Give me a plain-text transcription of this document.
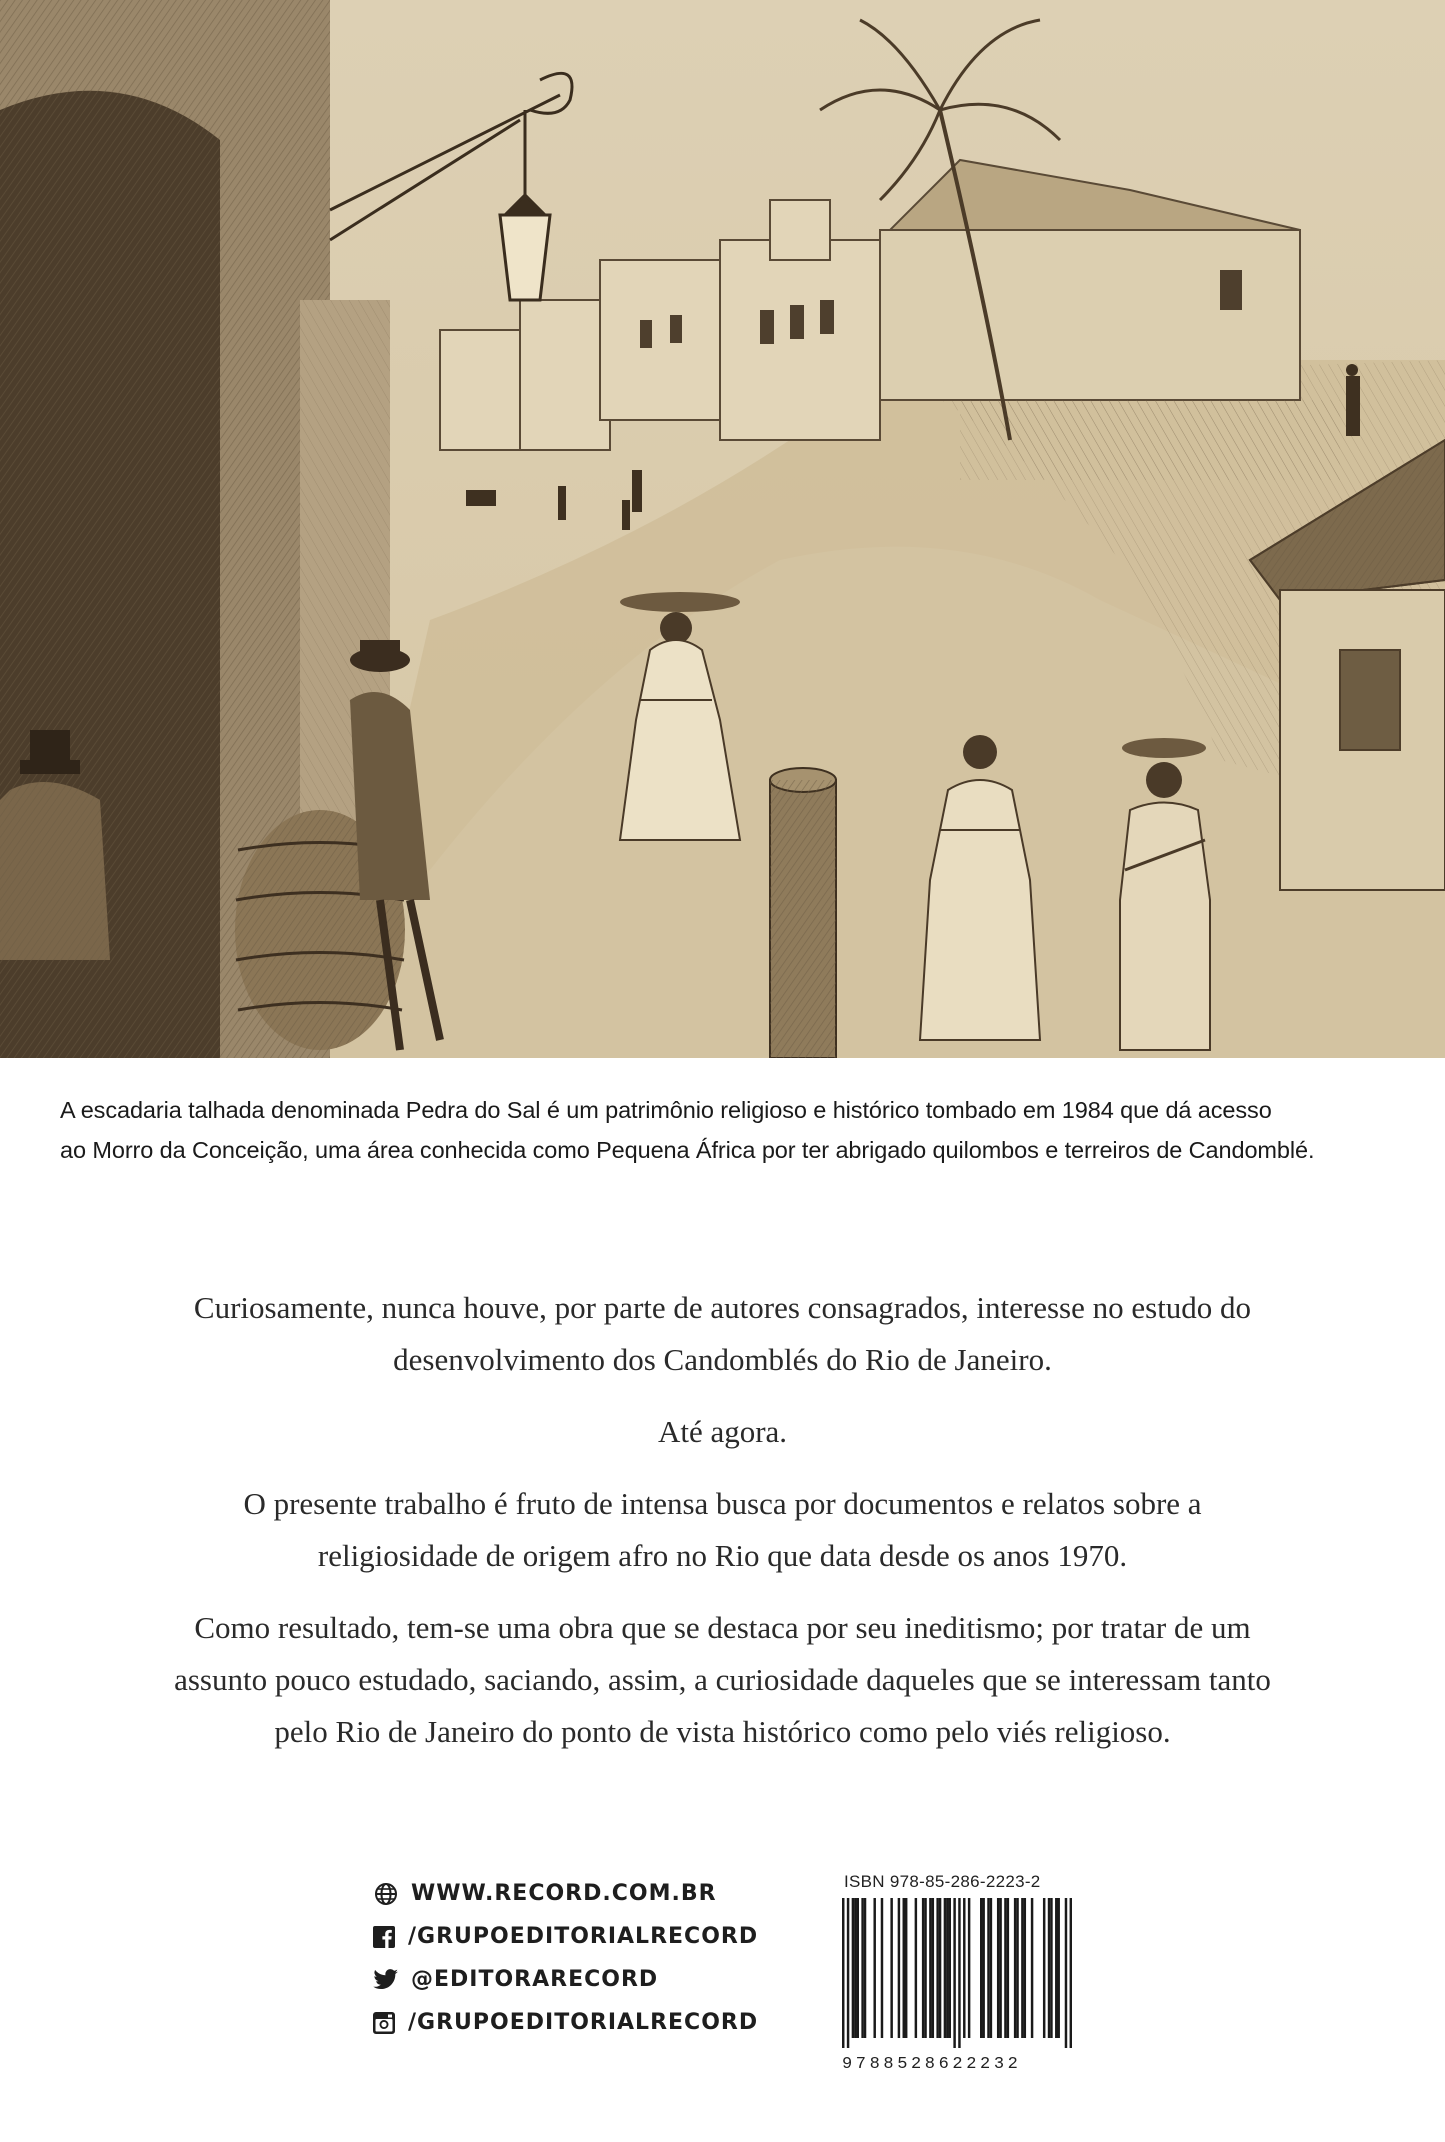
A escadaria talhada denominada Pedra do Sal é um patrimônio religioso e histórico tombado em 1984 que dá acesso
ao Morro da Conceição, uma área conhecida como Pequena África por ter abrigado quilombos e terreiros de Candomblé.

Curiosamente, nunca houve, por parte de autores consagrados, interesse no estudo do
desenvolvimento dos Candomblés do Rio de Janeiro.

Até agora.

O presente trabalho é fruto de intensa busca por documentos e relatos sobre a
religiosidade de origem afro no Rio que data desde os anos 1970.

Como resultado, tem-se uma obra que se destaca por seu ineditismo; por tratar de um
assunto pouco estudado, saciando, assim, a curiosidade daqueles que se interessam tanto
pelo Rio de Janeiro do ponto de vista histórico como pelo viés religioso.

WWW.RECORD.COM.BR
/GRUPOEDITORIALRECORD
@EDITORARECORD
/GRUPOEDITORIALRECORD
ISBN 978-85-286-2223-2
9788528622232
